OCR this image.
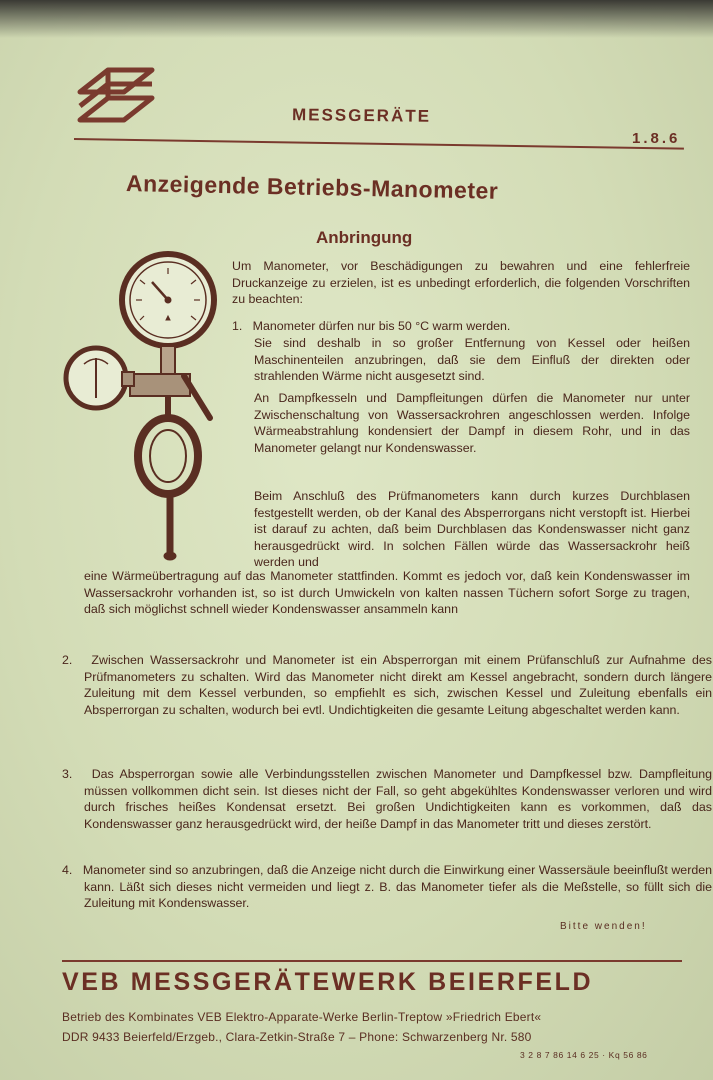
MESSGERÄTE
1.8.6
Anzeigende Betriebs-Manometer
Anbringung
Um Manometer, vor Beschädigungen zu bewahren und eine fehlerfreie Druckanzeige zu erzielen, ist es unbedingt erforderlich, die folgenden Vorschriften zu beachten:
1. Manometer dürfen nur bis 50 °C warm werden.
Sie sind deshalb in so großer Entfernung von Kessel oder heißen Maschinenteilen anzubringen, daß sie dem Einfluß der direkten oder strahlenden Wärme nicht ausgesetzt sind.
An Dampfkesseln und Dampfleitungen dürfen die Manometer nur unter Zwischenschaltung von Wassersackrohren angeschlossen werden. Infolge Wärmeabstrahlung kondensiert der Dampf in diesem Rohr, und in das Manometer gelangt nur Kondenswasser.
Beim Anschluß des Prüfmanometers kann durch kurzes Durchblasen festgestellt werden, ob der Kanal des Absperrorgans nicht verstopft ist. Hierbei ist darauf zu achten, daß beim Durchblasen das Kondenswasser nicht ganz herausgedrückt wird. In solchen Fällen würde das Wassersackrohr heiß werden und
eine Wärmeübertragung auf das Manometer stattfinden. Kommt es jedoch vor, daß kein Kondenswasser im Wassersackrohr vorhanden ist, so ist durch Umwickeln von kalten nassen Tüchern sofort Sorge zu tragen, daß sich möglichst schnell wieder Kondenswasser ansammeln kann
2. Zwischen Wassersackrohr und Manometer ist ein Absperrorgan mit einem Prüfanschluß zur Aufnahme des Prüfmanometers zu schalten. Wird das Manometer nicht direkt am Kessel angebracht, sondern durch längere Zuleitung mit dem Kessel verbunden, so empfiehlt es sich, zwischen Kessel und Zuleitung ebenfalls ein Absperrorgan zu schalten, wodurch bei evtl. Undichtigkeiten die gesamte Leitung abgeschaltet werden kann.
3. Das Absperrorgan sowie alle Verbindungsstellen zwischen Manometer und Dampfkessel bzw. Dampfleitung müssen vollkommen dicht sein. Ist dieses nicht der Fall, so geht abgekühltes Kondenswasser verloren und wird durch frisches heißes Kondensat ersetzt. Bei großen Undichtigkeiten kann es vorkommen, daß das Kondenswasser ganz herausgedrückt wird, der heiße Dampf in das Manometer tritt und dieses zerstört.
4. Manometer sind so anzubringen, daß die Anzeige nicht durch die Einwirkung einer Wassersäule beeinflußt werden kann. Läßt sich dieses nicht vermeiden und liegt z. B. das Manometer tiefer als die Meßstelle, so füllt sich die Zuleitung mit Kondenswasser.
Bitte wenden!
VEB MESSGERÄTEWERK BEIERFELD
Betrieb des Kombinates VEB Elektro-Apparate-Werke Berlin-Treptow »Friedrich Ebert«
DDR 9433 Beierfeld/Erzgeb., Clara-Zetkin-Straße 7 – Phone: Schwarzenberg Nr. 580
3 2 8 7 86 14 6 25 · Kq 56 86
